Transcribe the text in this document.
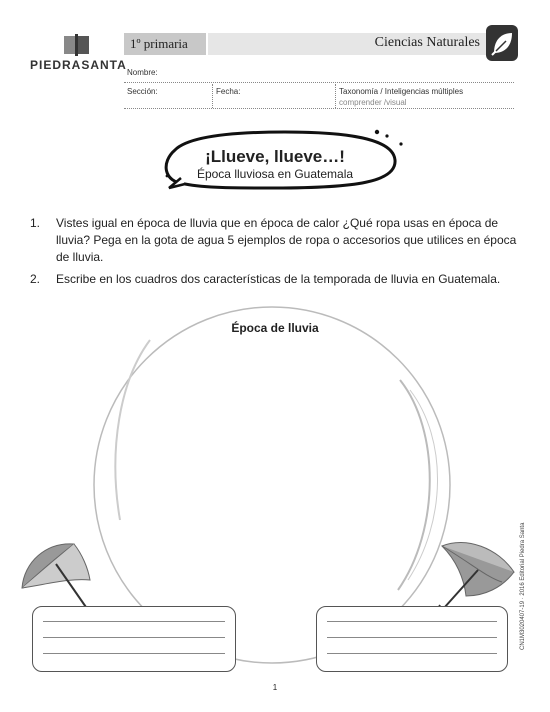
PIEDRASANTA
1º primaria	Ciencias Naturales
Nombre:
Sección:	Fecha:	Taxonomía / Inteligencias múltiples
comprender /visual
¡Llueve, llueve…!
Época lluviosa en Guatemala
1. Vistes igual en época de lluvia que en época de calor ¿Qué ropa usas en época de lluvia? Pega en la gota de agua 5 ejemplos de ropa o accesorios que utilices en época de lluvia.
2. Escribe en los cuadros dos características de la temporada de lluvia en Guatemala.
Época de lluvia
1
CN1M3020407-19 · 2016 Editorial Piedra Santa
